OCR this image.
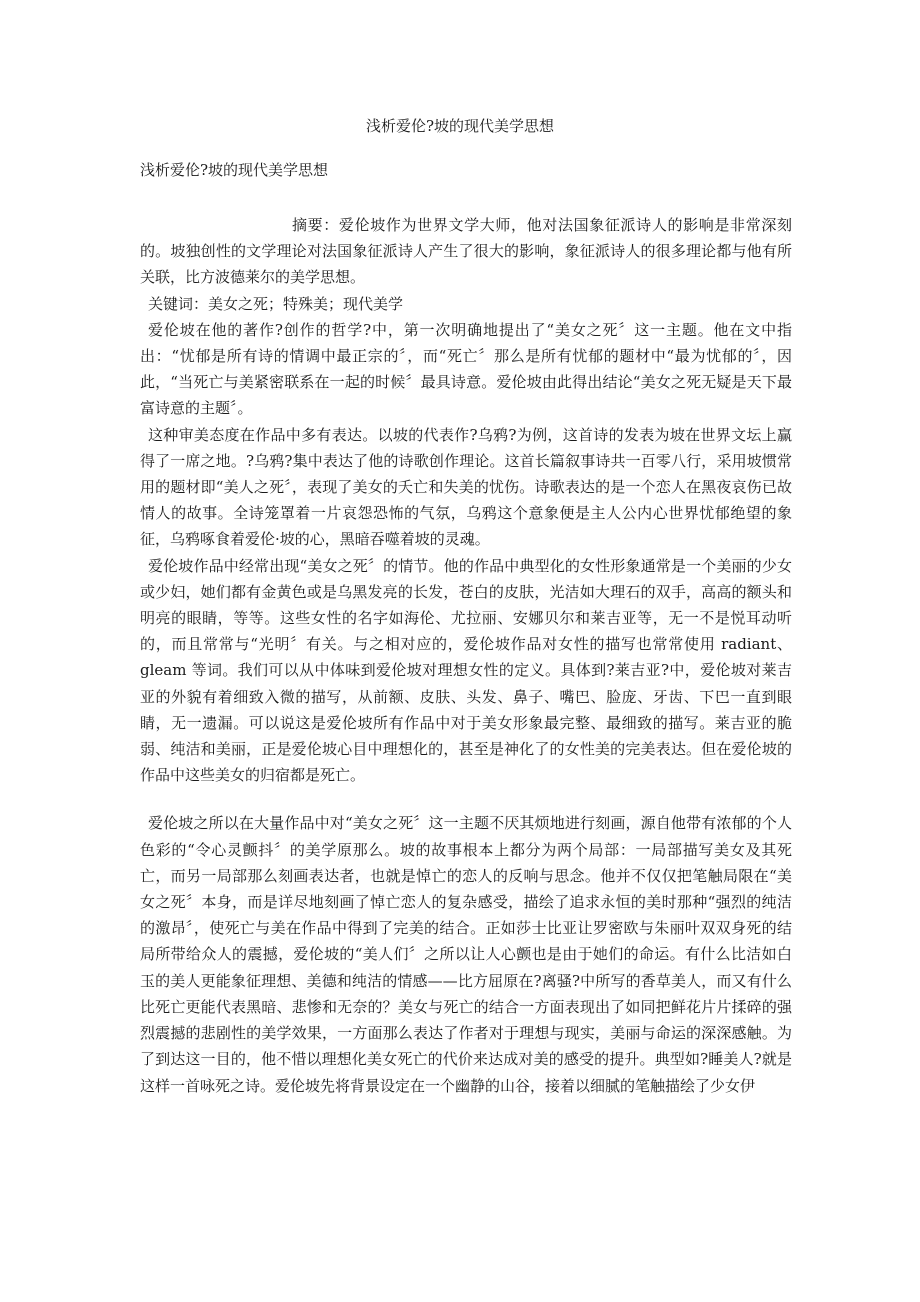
浅析爱伦?坡的现代美学思想
浅析爱伦?坡的现代美学思想

摘要：爱伦坡作为世界文学大师，他对法国象征派诗人的影响是非常深刻的。坡独创性的文学理论对法国象征派诗人产生了很大的影响，象征派诗人的很多理论都与他有所关联，比方波德莱尔的美学思想。

关键词：美女之死；特殊美；现代美学

爱伦坡在他的著作?创作的哲学?中，第一次明确地提出了“美女之死〞这一主题。他在文中指出：“忧郁是所有诗的情调中最正宗的〞，而“死亡〞那么是所有忧郁的题材中“最为忧郁的〞，因此，“当死亡与美紧密联系在一起的时候〞最具诗意。爱伦坡由此得出结论“美女之死无疑是天下最富诗意的主题〞。

这种审美态度在作品中多有表达。以坡的代表作?乌鸦?为例，这首诗的发表为坡在世界文坛上赢得了一席之地。?乌鸦?集中表达了他的诗歌创作理论。这首长篇叙事诗共一百零八行，采用坡惯常用的题材即“美人之死〞，表现了美女的夭亡和失美的忧伤。诗歌表达的是一个恋人在黑夜哀伤已故情人的故事。全诗笼罩着一片哀怨恐怖的气氛，乌鸦这个意象便是主人公内心世界忧郁绝望的象征，乌鸦啄食着爱伦·坡的心，黑暗吞噬着坡的灵魂。

爱伦坡作品中经常出现“美女之死〞的情节。他的作品中典型化的女性形象通常是一个美丽的少女或少妇，她们都有金黄色或是乌黑发亮的长发，苍白的皮肤，光洁如大理石的双手，高高的额头和明亮的眼睛，等等。这些女性的名字如海伦、尤拉丽、安娜贝尔和莱吉亚等，无一不是悦耳动听的，而且常常与“光明〞有关。与之相对应的，爱伦坡作品对女性的描写也常常使用 radiant、gleam 等词。我们可以从中体味到爱伦坡对理想女性的定义。具体到?莱吉亚?中，爱伦坡对莱吉亚的外貌有着细致入微的描写，从前额、皮肤、头发、鼻子、嘴巴、脸庞、牙齿、下巴一直到眼睛，无一遗漏。可以说这是爱伦坡所有作品中对于美女形象最完整、最细致的描写。莱吉亚的脆弱、纯洁和美丽，正是爱伦坡心目中理想化的，甚至是神化了的女性美的完美表达。但在爱伦坡的作品中这些美女的归宿都是死亡。

爱伦坡之所以在大量作品中对“美女之死〞这一主题不厌其烦地进行刻画，源自他带有浓郁的个人色彩的“令心灵颤抖〞的美学原那么。坡的故事根本上都分为两个局部：一局部描写美女及其死亡，而另一局部那么刻画表达者，也就是悼亡的恋人的反响与思念。他并不仅仅把笔触局限在“美女之死〞本身，而是详尽地刻画了悼亡恋人的复杂感受，描绘了追求永恒的美时那种“强烈的纯洁的激昂〞，使死亡与美在作品中得到了完美的结合。正如莎士比亚让罗密欧与朱丽叶双双身死的结局所带给众人的震撼，爱伦坡的“美人们〞之所以让人心颤也是由于她们的命运。有什么比洁如白玉的美人更能象征理想、美德和纯洁的情感——比方屈原在?离骚?中所写的香草美人，而又有什么比死亡更能代表黑暗、悲惨和无奈的？美女与死亡的结合一方面表现出了如同把鲜花片片揉碎的强烈震撼的悲剧性的美学效果，一方面那么表达了作者对于理想与现实，美丽与命运的深深感触。为了到达这一目的，他不惜以理想化美女死亡的代价来达成对美的感受的提升。典型如?睡美人?就是这样一首咏死之诗。爱伦坡先将背景设定在一个幽静的山谷，接着以细腻的笔触描绘了少女伊
